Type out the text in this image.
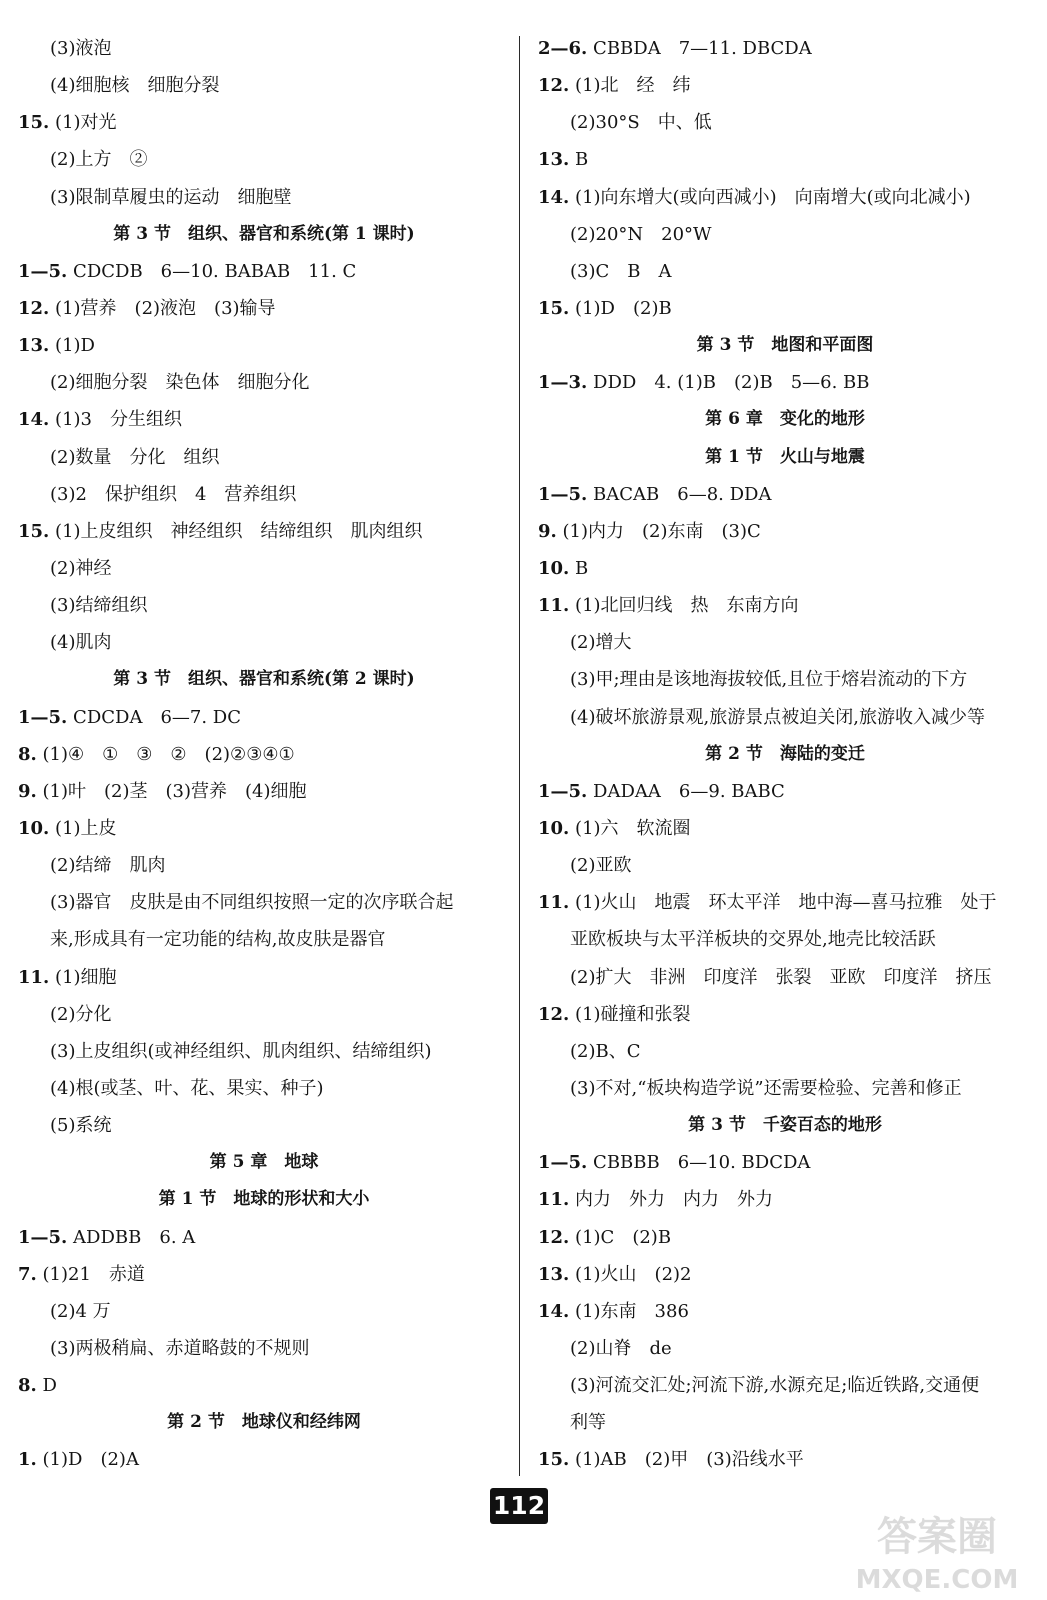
(3)液泡
(4)细胞核　细胞分裂
15. (1)对光
(2)上方　②
(3)限制草履虫的运动　细胞壁
第 3 节　组织、器官和系统(第 1 课时)
1—5. CDCDB　6—10. BABAB　11. C
12. (1)营养　(2)液泡　(3)输导
13. (1)D
(2)细胞分裂　染色体　细胞分化
14. (1)3　分生组织
(2)数量　分化　组织
(3)2　保护组织　4　营养组织
15. (1)上皮组织　神经组织　结缔组织　肌肉组织
(2)神经
(3)结缔组织
(4)肌肉
第 3 节　组织、器官和系统(第 2 课时)
1—5. CDCDA　6—7. DC
8. (1)④　①　③　②　(2)②③④①
9. (1)叶　(2)茎　(3)营养　(4)细胞
10. (1)上皮
(2)结缔　肌肉
(3)器官　皮肤是由不同组织按照一定的次序联合起
来,形成具有一定功能的结构,故皮肤是器官
11. (1)细胞
(2)分化
(3)上皮组织(或神经组织、肌肉组织、结缔组织)
(4)根(或茎、叶、花、果实、种子)
(5)系统
第 5 章　地球
第 1 节　地球的形状和大小
1—5. ADDBB　6. A
7. (1)21　赤道
(2)4 万
(3)两极稍扁、赤道略鼓的不规则
8. D
第 2 节　地球仪和经纬网
1. (1)D　(2)A
2—6. CBBDA　7—11. DBCDA
12. (1)北　经　纬
(2)30°S　中、低
13. B
14. (1)向东增大(或向西减小)　向南增大(或向北减小)
(2)20°N　20°W
(3)C　B　A
15. (1)D　(2)B
第 3 节　地图和平面图
1—3. DDD　4. (1)B　(2)B　5—6. BB
第 6 章　变化的地形
第 1 节　火山与地震
1—5. BACAB　6—8. DDA
9. (1)内力　(2)东南　(3)C
10. B
11. (1)北回归线　热　东南方向
(2)增大
(3)甲;理由是该地海拔较低,且位于熔岩流动的下方
(4)破坏旅游景观,旅游景点被迫关闭,旅游收入减少等
第 2 节　海陆的变迁
1—5. DADAA　6—9. BABC
10. (1)六　软流圈
(2)亚欧
11. (1)火山　地震　环太平洋　地中海—喜马拉雅　处于
亚欧板块与太平洋板块的交界处,地壳比较活跃
(2)扩大　非洲　印度洋　张裂　亚欧　印度洋　挤压
12. (1)碰撞和张裂
(2)B、C
(3)不对,“板块构造学说”还需要检验、完善和修正
第 3 节　千姿百态的地形
1—5. CBBBB　6—10. BDCDA
11. 内力　外力　内力　外力
12. (1)C　(2)B
13. (1)火山　(2)2
14. (1)东南　386
(2)山脊　de
(3)河流交汇处;河流下游,水源充足;临近铁路,交通便
利等
15. (1)AB　(2)甲　(3)沿线水平
112
答案圈
MXQE.COM
